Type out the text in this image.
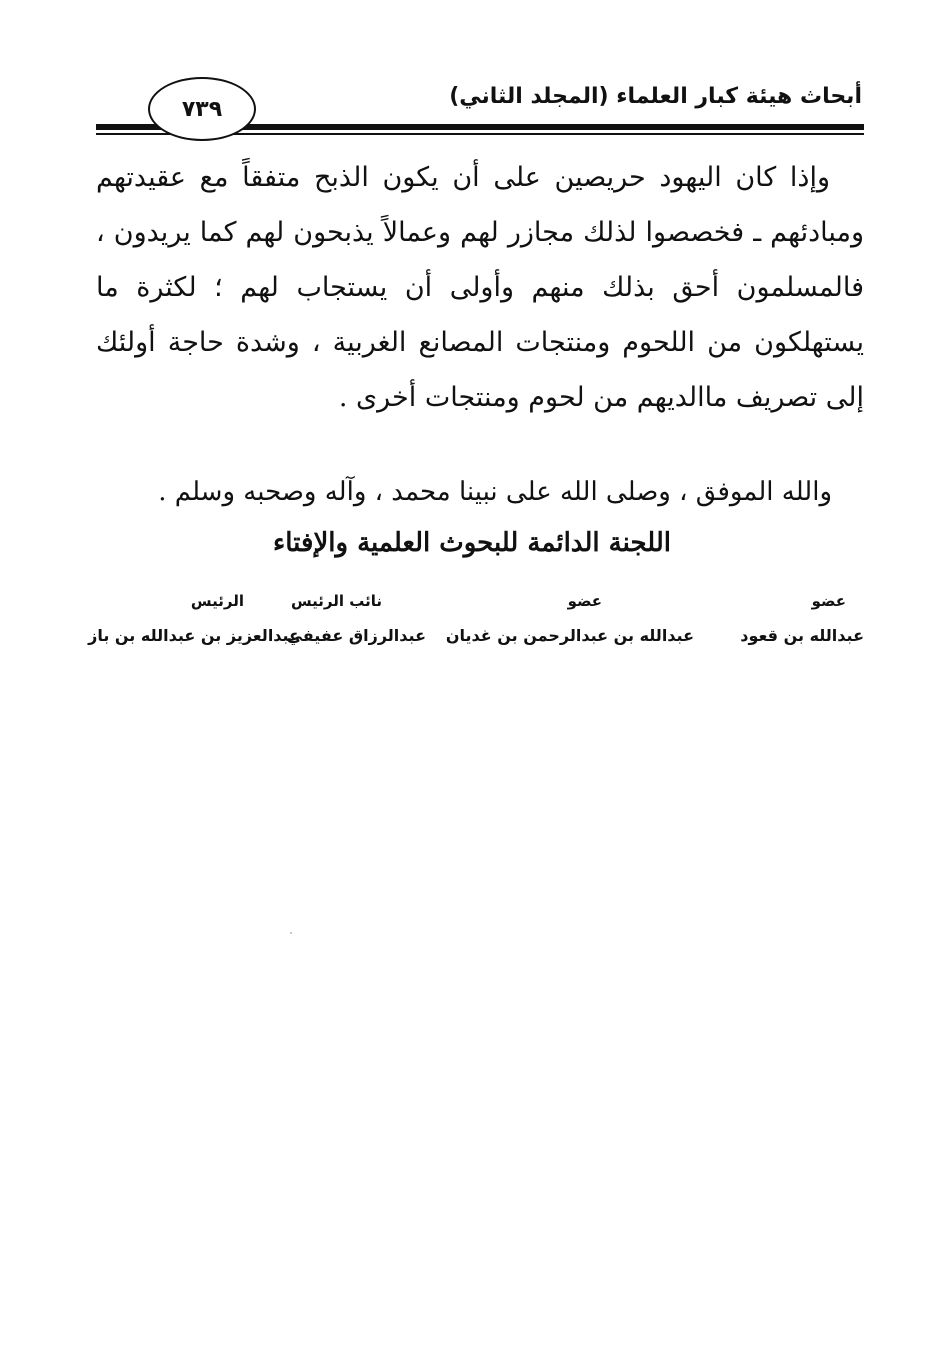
أبحاث هيئة كبار العلماء (المجلد الثاني)
٧٣٩

وإذا كان اليهود حريصين على أن يكون الذبح متفقاً مع عقيدتهم ومبادئهم ـ فخصصوا لذلك مجازر لهم وعمالاً يذبحون لهم كما يريدون ، فالمسلمون أحق بذلك منهم وأولى أن يستجاب لهم ؛ لكثرة ما يستهلكون من اللحوم ومنتجات المصانع الغربية ، وشدة حاجة أولئك إلى تصريف ماالديهم من لحوم ومنتجات أخرى .

والله الموفق ، وصلى الله على نبينا محمد ، وآله وصحبه وسلم .
اللجنة الدائمة للبحوث العلمية والإفتاء
عضو
عبدالله بن قعود
عضو
عبدالله بن عبدالرحمن بن غديان
نائب الرئيس
عبدالرزاق عفيفي
الرئيس
عبدالعزيز بن عبدالله بن باز
